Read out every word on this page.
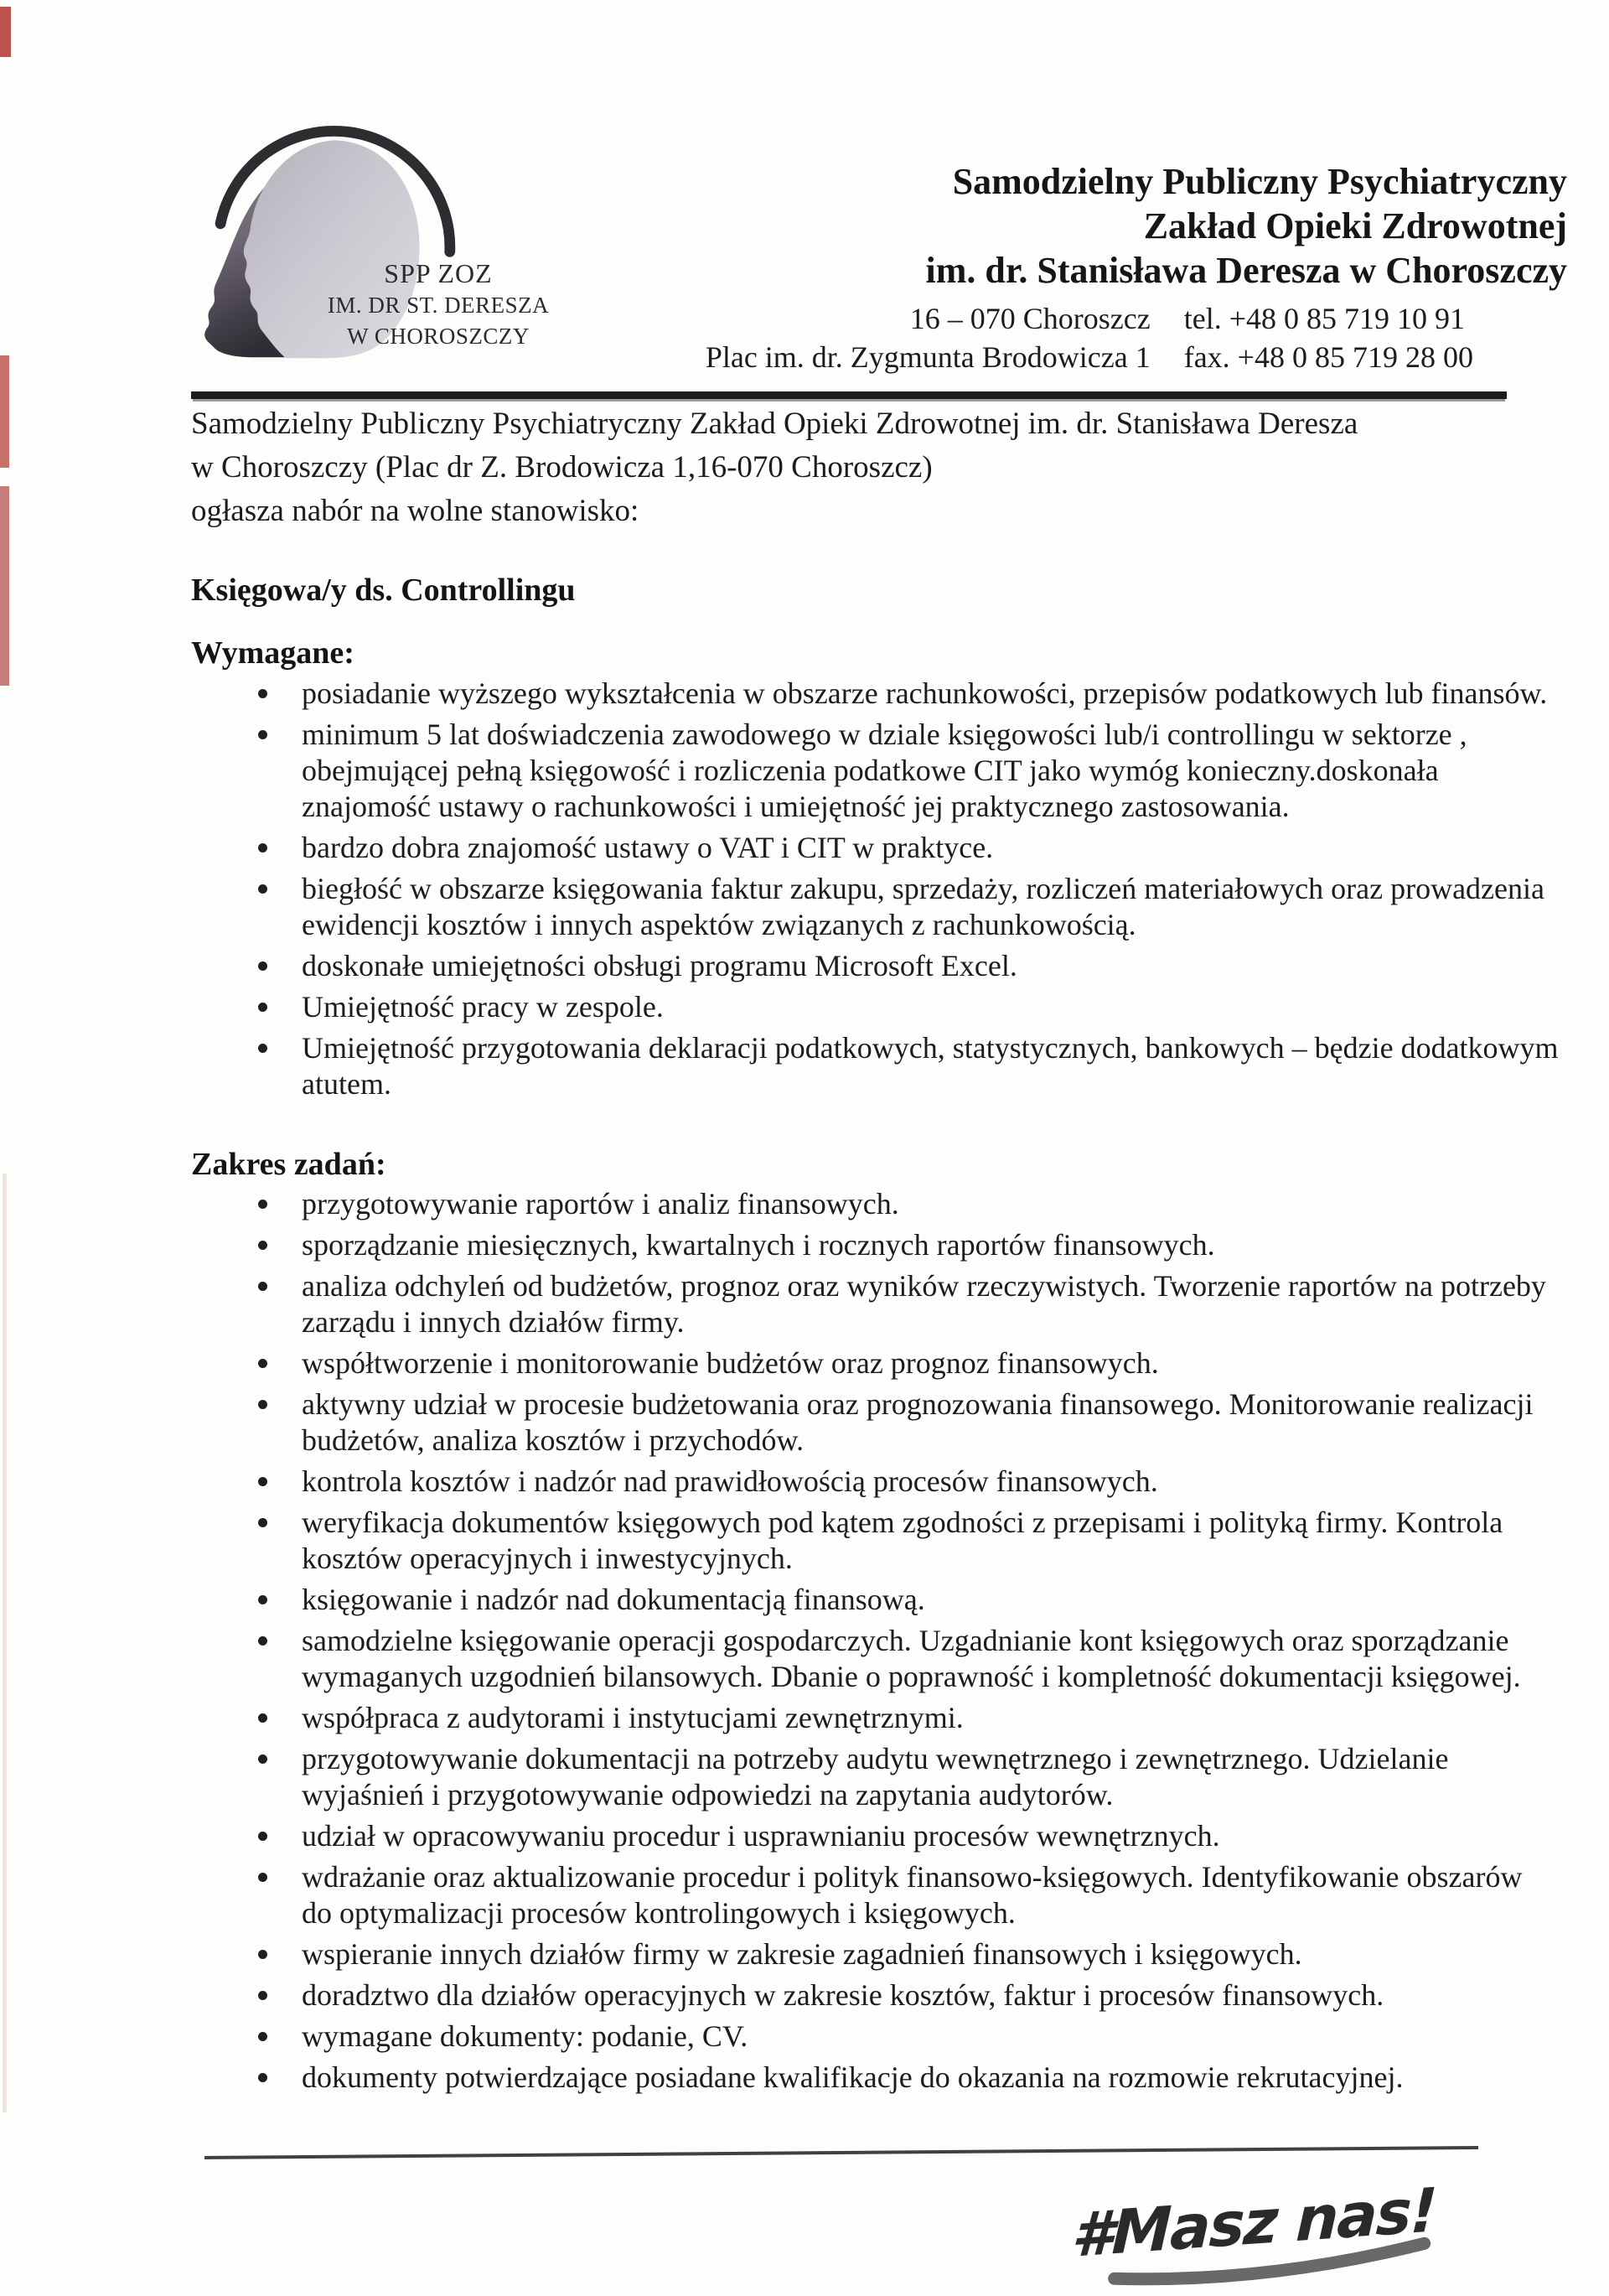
SPP ZOZ
IM. DR ST. DERESZA
W CHOROSZCZY
Samodzielny Publiczny Psychiatryczny
Zakład Opieki Zdrowotnej
im. dr. Stanisława Deresza w Choroszczy
16 – 070 Choroszcz tel. +48 0 85 719 10 91
Plac im. dr. Zygmunta Brodowicza 1 fax. +48 0 85 719 28 00
Samodzielny Publiczny Psychiatryczny Zakład Opieki Zdrowotnej im. dr. Stanisława Deresza
w Choroszczy (Plac dr Z. Brodowicza 1,16-070 Choroszcz)
ogłasza nabór na wolne stanowisko:
Księgowa/y ds. Controllingu
Wymagane:
posiadanie wyższego wykształcenia w obszarze rachunkowości, przepisów podatkowych lub finansów.
minimum 5 lat doświadczenia zawodowego w dziale księgowości lub/i controllingu w sektorze , obejmującej pełną księgowość i rozliczenia podatkowe CIT jako wymóg konieczny.doskonała znajomość ustawy o rachunkowości i umiejętność jej praktycznego zastosowania.
bardzo dobra znajomość ustawy o VAT i CIT w praktyce.
biegłość w obszarze księgowania faktur zakupu, sprzedaży, rozliczeń materiałowych oraz prowadzenia ewidencji kosztów i innych aspektów związanych z rachunkowością.
doskonałe umiejętności obsługi programu Microsoft Excel.
Umiejętność pracy w zespole.
Umiejętność przygotowania deklaracji podatkowych, statystycznych, bankowych – będzie dodatkowym atutem.
Zakres zadań:
przygotowywanie raportów i analiz finansowych.
sporządzanie miesięcznych, kwartalnych i rocznych raportów finansowych.
analiza odchyleń od budżetów, prognoz oraz wyników rzeczywistych. Tworzenie raportów na potrzeby zarządu i innych działów firmy.
współtworzenie i monitorowanie budżetów oraz prognoz finansowych.
aktywny udział w procesie budżetowania oraz prognozowania finansowego. Monitorowanie realizacji budżetów, analiza kosztów i przychodów.
kontrola kosztów i nadzór nad prawidłowością procesów finansowych.
weryfikacja dokumentów księgowych pod kątem zgodności z przepisami i polityką firmy. Kontrola kosztów operacyjnych i inwestycyjnych.
księgowanie i nadzór nad dokumentacją finansową.
samodzielne księgowanie operacji gospodarczych. Uzgadnianie kont księgowych oraz sporządzanie wymaganych uzgodnień bilansowych. Dbanie o poprawność i kompletność dokumentacji księgowej.
współpraca z audytorami i instytucjami zewnętrznymi.
przygotowywanie dokumentacji na potrzeby audytu wewnętrznego i zewnętrznego. Udzielanie wyjaśnień i przygotowywanie odpowiedzi na zapytania audytorów.
udział w opracowywaniu procedur i usprawnianiu procesów wewnętrznych.
wdrażanie oraz aktualizowanie procedur i polityk finansowo-księgowych. Identyfikowanie obszarów do optymalizacji procesów kontrolingowych i księgowych.
wspieranie innych działów firmy w zakresie zagadnień finansowych i księgowych.
doradztwo dla działów operacyjnych w zakresie kosztów, faktur i procesów finansowych.
wymagane dokumenty: podanie, CV.
dokumenty potwierdzające posiadane kwalifikacje do okazania na rozmowie rekrutacyjnej.
#Masz nas!
